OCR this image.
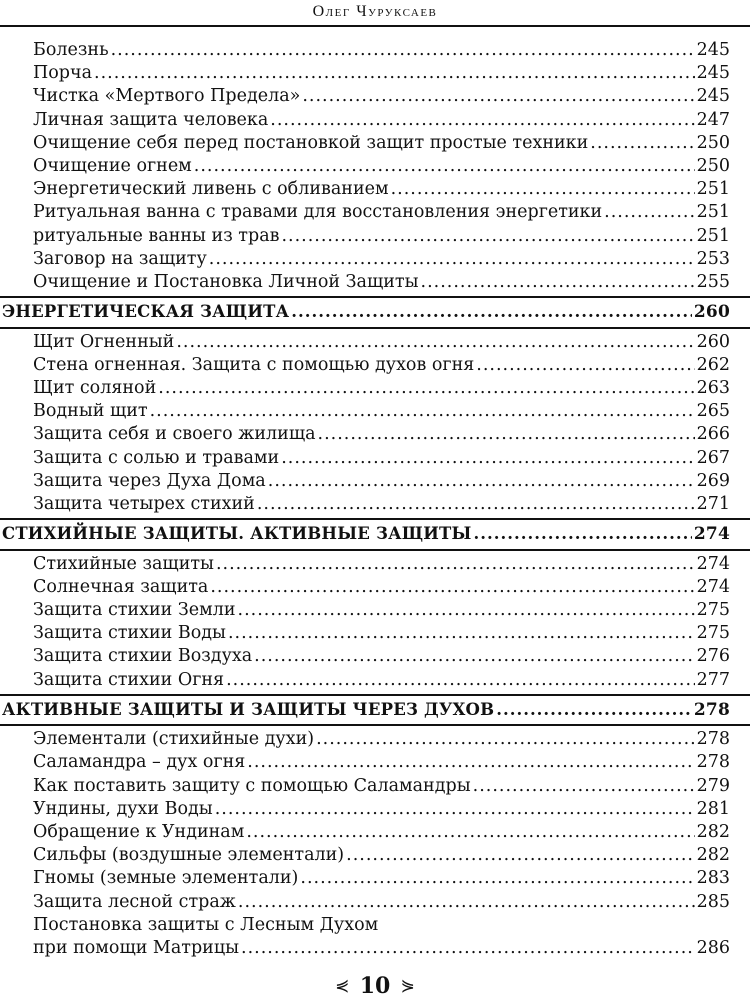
Олег Чуруксаев
Болезнь .....	245
Порча .....	245
Чистка «Мертвого Предела» .....	245
Личная защита человека .....	247
Очищение себя перед постановкой защит простые техники .....	250
Очищение огнем .....	250
Энергетический ливень с обливанием .....	251
Ритуальная ванна с травами для восстановления энергетики .....	251
ритуальные ванны из трав .....	251
Заговор на защиту .....	253
Очищение и Постановка Личной Защиты .....	255
ЭНЕРГЕТИЧЕСКАЯ ЗАЩИТА .....	260
Щит Огненный .....	260
Стена огненная. Защита с помощью духов огня .....	262
Щит соляной .....	263
Водный щит .....	265
Защита себя и своего жилища .....	266
Защита с солью и травами .....	267
Защита через Духа Дома .....	269
Защита четырех стихий .....	271
СТИХИЙНЫЕ ЗАЩИТЫ. АКТИВНЫЕ ЗАЩИТЫ .....	274
Стихийные защиты .....	274
Солнечная защита .....	274
Защита стихии Земли .....	275
Защита стихии Воды .....	275
Защита стихии Воздуха .....	276
Защита стихии Огня .....	277
АКТИВНЫЕ ЗАЩИТЫ И ЗАЩИТЫ ЧЕРЕЗ ДУХОВ .....	278
Элементали (стихийные духи) .....	278
Саламандра – дух огня .....	278
Как поставить защиту с помощью Саламандры .....	279
Ундины, духи Воды .....	281
Обращение к Ундинам .....	282
Сильфы (воздушные элементали) .....	282
Гномы (земные элементали) .....	283
Защита лесной страж .....	285
Постановка защиты с Лесным Духом
при помощи Матрицы .....	286
⋞ 10 ⋟
